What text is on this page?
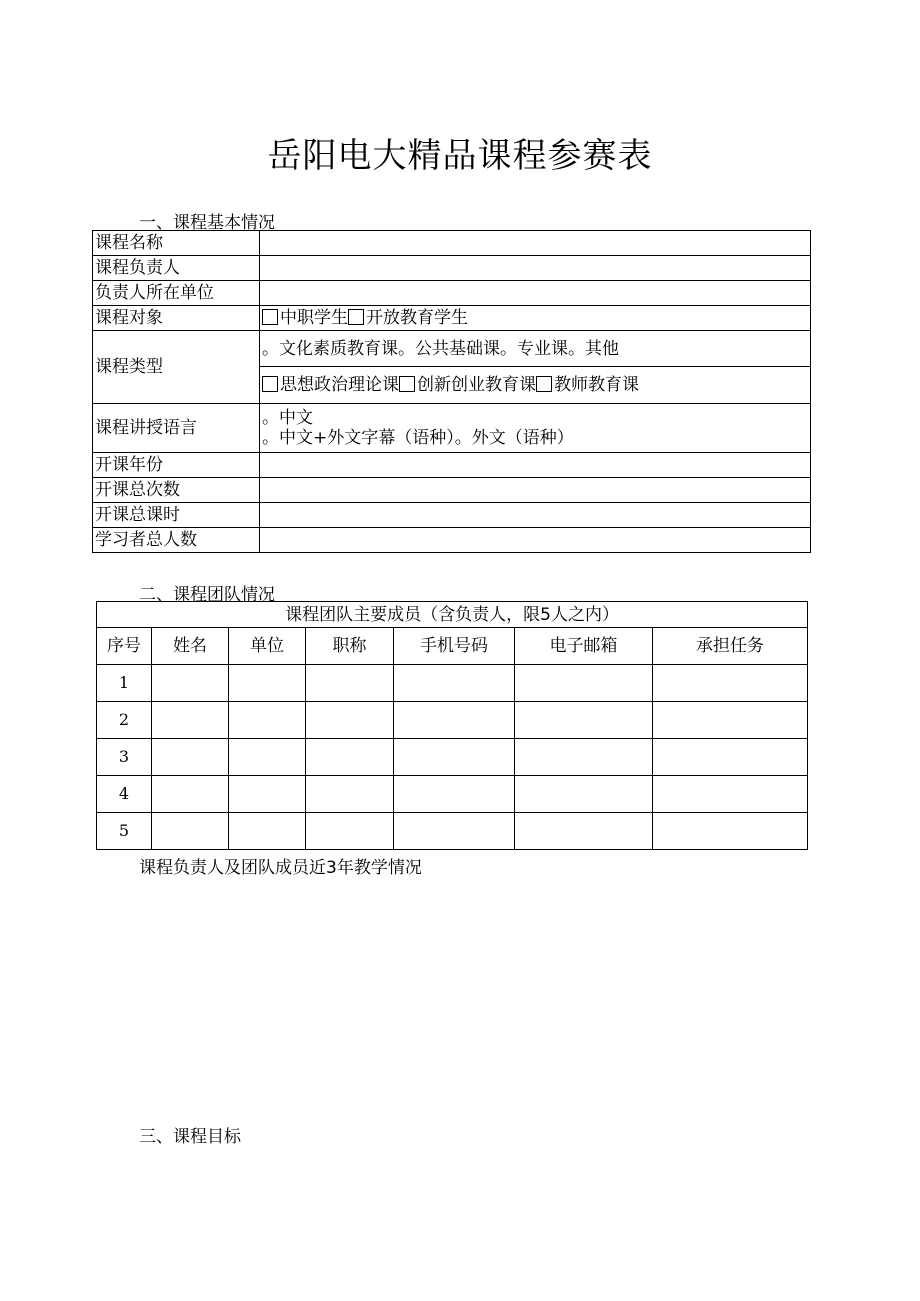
岳阳电大精品课程参赛表
一、课程基本情况
课程名称	
课程负责人	
负责人所在单位	
课程对象	中职学生 开放教育学生
课程类型	。文化素质教育课。公共基础课。专业课。其他
	思想政治理论课 创新创业教育课 教师教育课
课程讲授语言	。中文
。中文+外文字幕（语种）。外文（语种）

开课年份	
开课总次数	
开课总课时	
学习者总人数	
二、课程团队情况
课程团队主要成员（含负责人，限5人之内）						
序号	姓名	单位	职称	手机号码	电子邮箱	承担任务
1						
2						
3						
4						
5						
课程负责人及团队成员近3年教学情况
三、课程目标
